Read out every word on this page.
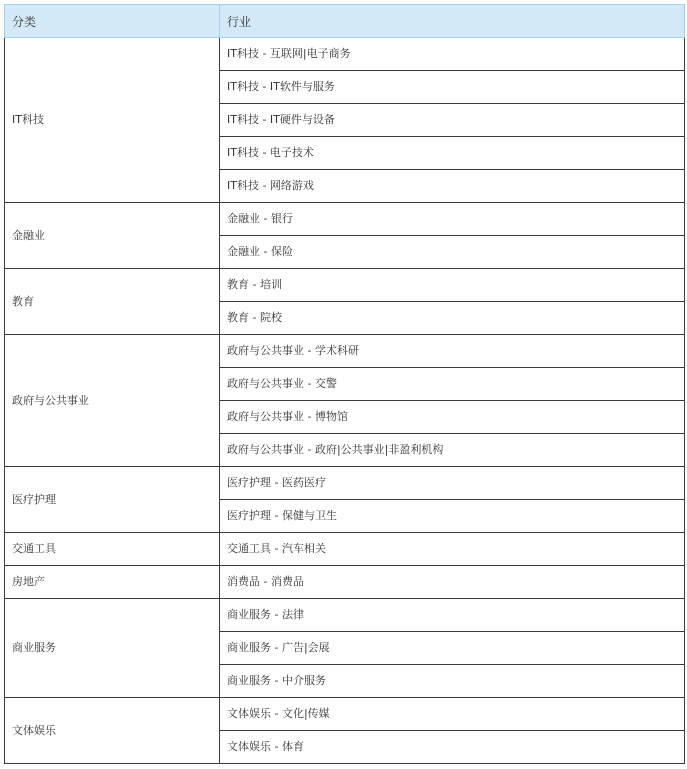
分类	行业
IT科技	IT科技 - 互联网|电子商务
	IT科技 - IT软件与服务
	IT科技 - IT硬件与设备
	IT科技 - 电子技术
	IT科技 - 网络游戏
金融业	金融业 - 银行
	金融业 - 保险
教育	教育 - 培训
	教育 - 院校
政府与公共事业	政府与公共事业 - 学术科研
	政府与公共事业 - 交警
	政府与公共事业 - 博物馆
	政府与公共事业 - 政府|公共事业|非盈利机构
医疗护理	医疗护理 - 医药医疗
	医疗护理 - 保健与卫生
交通工具	交通工具 - 汽车相关
房地产	消费品 - 消费品
商业服务	商业服务 - 法律
	商业服务 - 广告|会展
	商业服务 - 中介服务
文体娱乐	文体娱乐 - 文化|传媒
	文体娱乐 - 体育
